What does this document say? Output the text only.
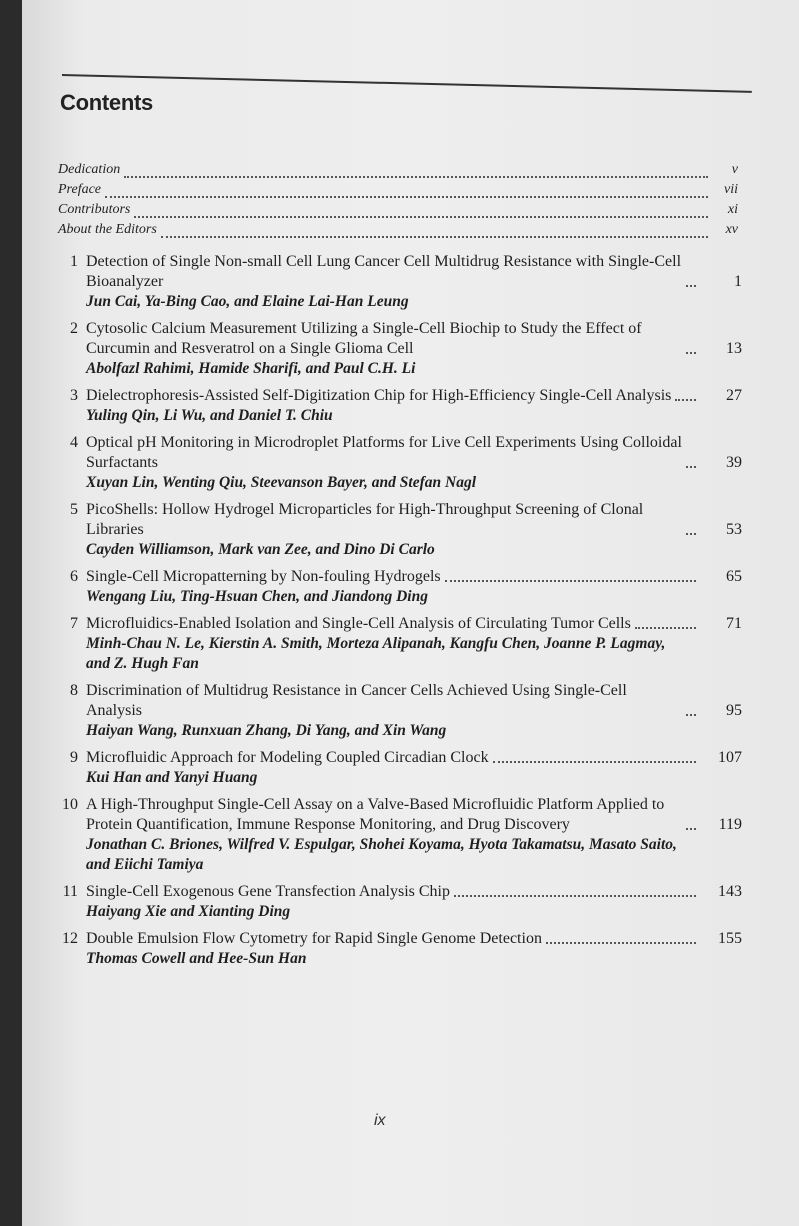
Contents
Dedication	v
Preface	vii
Contributors	xi
About the Editors	xv
1 Detection of Single Non-small Cell Lung Cancer Cell Multidrug Resistance with Single-Cell Bioanalyzer	1
Jun Cai, Ya-Bing Cao, and Elaine Lai-Han Leung
2 Cytosolic Calcium Measurement Utilizing a Single-Cell Biochip to Study the Effect of Curcumin and Resveratrol on a Single Glioma Cell	13
Abolfazl Rahimi, Hamide Sharifi, and Paul C.H. Li
3 Dielectrophoresis-Assisted Self-Digitization Chip for High-Efficiency Single-Cell Analysis	27
Yuling Qin, Li Wu, and Daniel T. Chiu
4 Optical pH Monitoring in Microdroplet Platforms for Live Cell Experiments Using Colloidal Surfactants	39
Xuyan Lin, Wenting Qiu, Steevanson Bayer, and Stefan Nagl
5 PicoShells: Hollow Hydrogel Microparticles for High-Throughput Screening of Clonal Libraries	53
Cayden Williamson, Mark van Zee, and Dino Di Carlo
6 Single-Cell Micropatterning by Non-fouling Hydrogels	65
Wengang Liu, Ting-Hsuan Chen, and Jiandong Ding
7 Microfluidics-Enabled Isolation and Single-Cell Analysis of Circulating Tumor Cells	71
Minh-Chau N. Le, Kierstin A. Smith, Morteza Alipanah, Kangfu Chen, Joanne P. Lagmay, and Z. Hugh Fan
8 Discrimination of Multidrug Resistance in Cancer Cells Achieved Using Single-Cell Analysis	95
Haiyan Wang, Runxuan Zhang, Di Yang, and Xin Wang
9 Microfluidic Approach for Modeling Coupled Circadian Clock	107
Kui Han and Yanyi Huang
10 A High-Throughput Single-Cell Assay on a Valve-Based Microfluidic Platform Applied to Protein Quantification, Immune Response Monitoring, and Drug Discovery	119
Jonathan C. Briones, Wilfred V. Espulgar, Shohei Koyama, Hyota Takamatsu, Masato Saito, and Eiichi Tamiya
11 Single-Cell Exogenous Gene Transfection Analysis Chip	143
Haiyang Xie and Xianting Ding
12 Double Emulsion Flow Cytometry for Rapid Single Genome Detection	155
Thomas Cowell and Hee-Sun Han
ix
